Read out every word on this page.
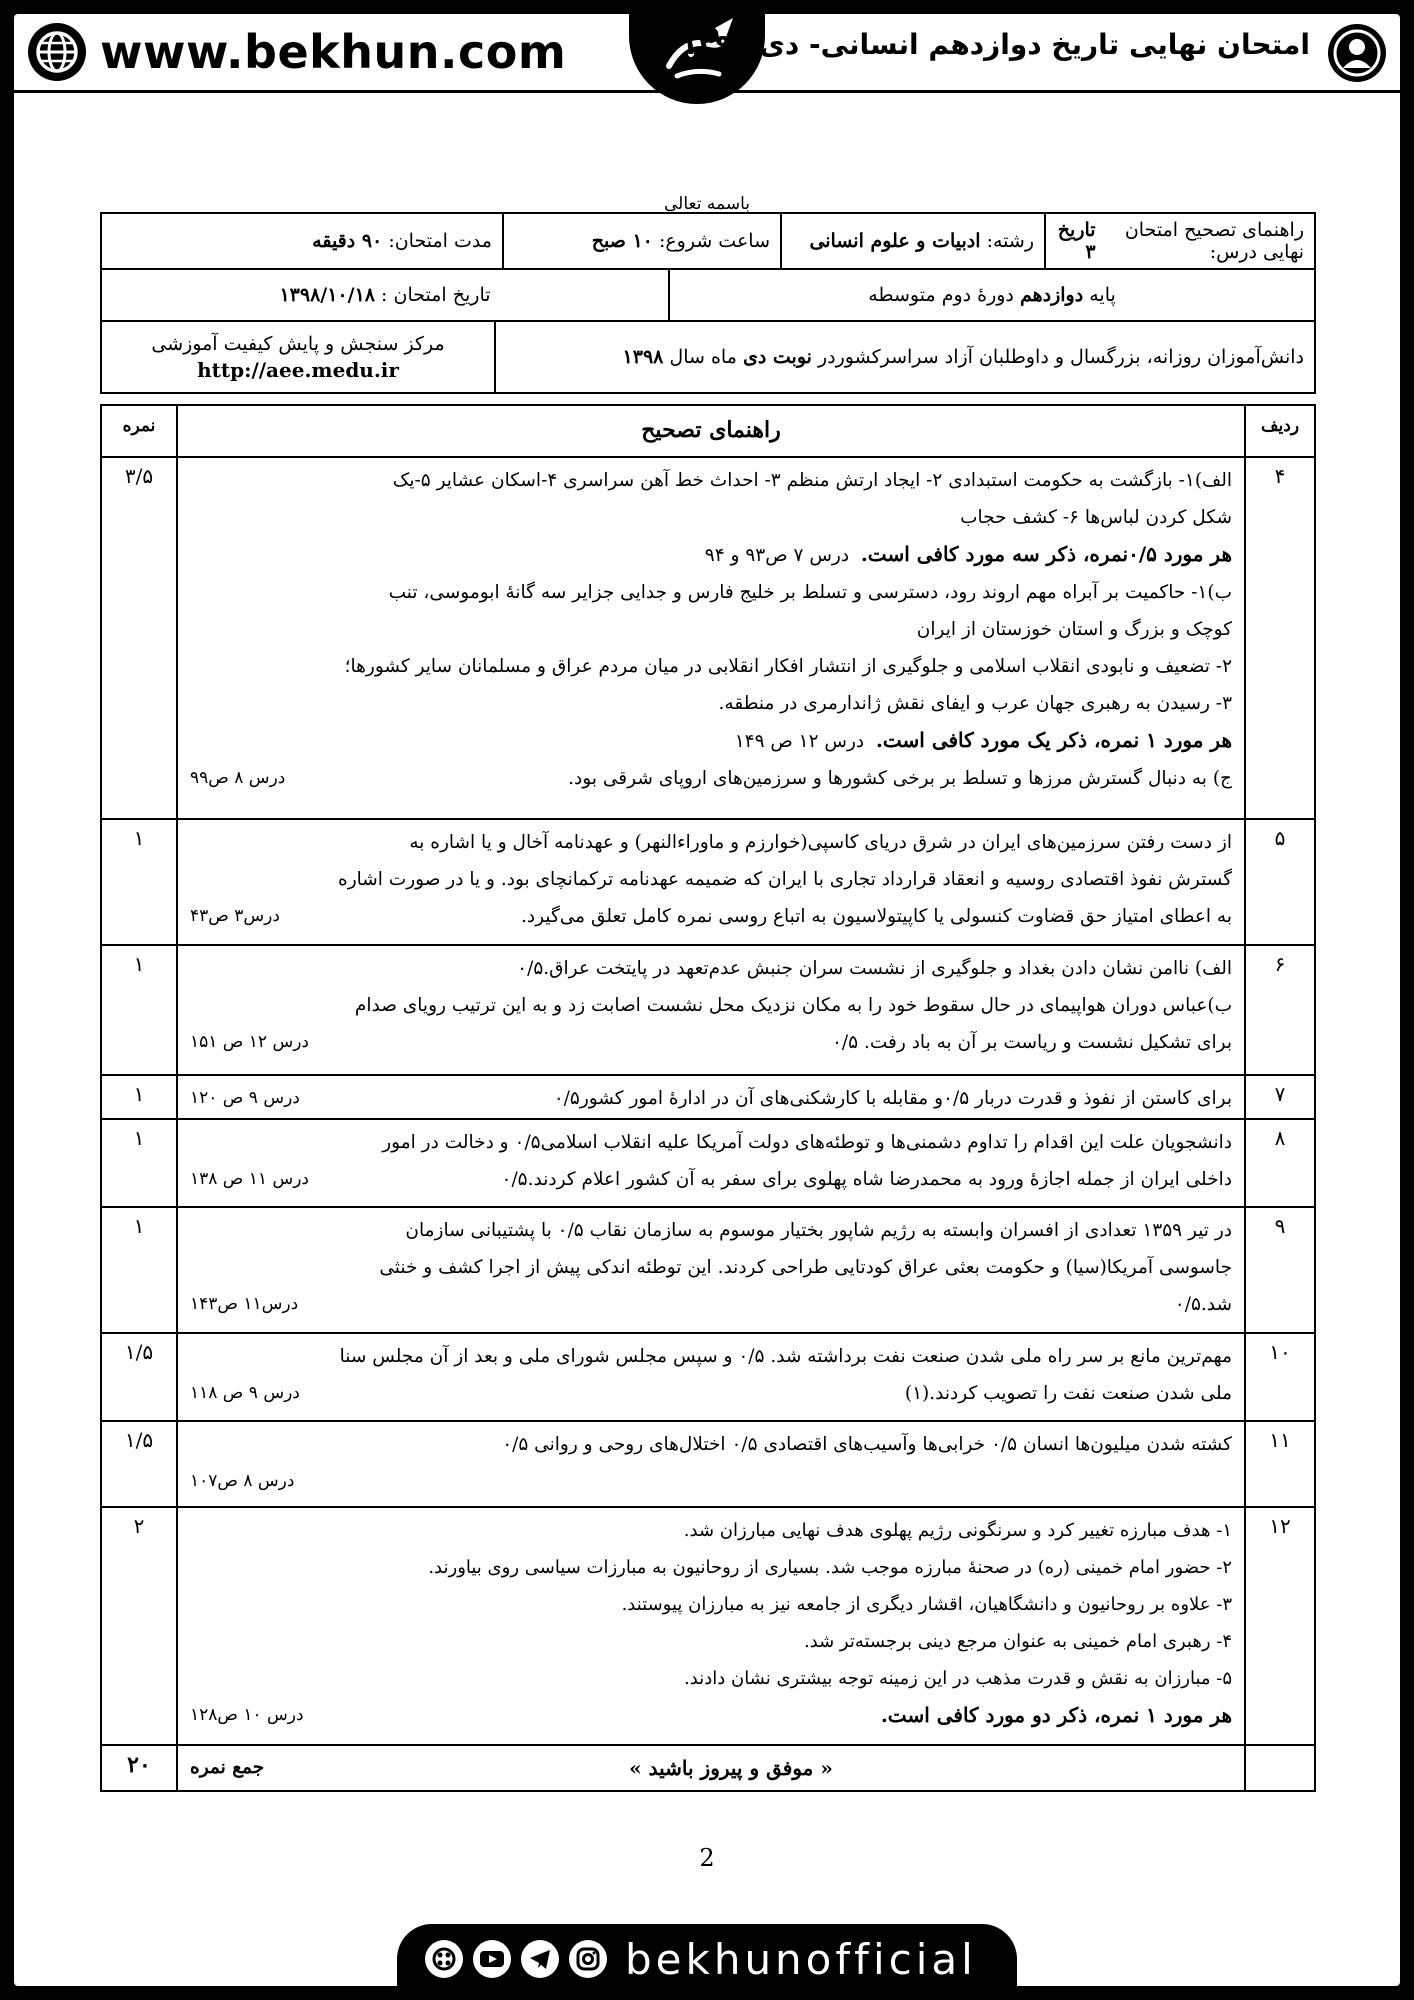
www.bekhun.com	امتحان نهایی تاریخ دوازدهم انسانی- دی ۱۳۹۸
باسمه تعالی
راهنمای تصحیح امتحان نهایی درس:

تاریخ ۳
رشته:

ادبیات و علوم انسانی
ساعت شروع:

۱۰ صبح
مدت امتحان:

۹۰ دقیقه
پایه

دوازدهم

دورۀ دوم متوسطه
تاریخ امتحان :

۱۳۹۸/۱۰/۱۸
دانش‌آموزان روزانه، بزرگسال و داوطلبان آزاد سراسرکشوردر

نوبت دی

ماه سال

۱۳۹۸
مرکز سنجش و پایش کیفیت آموزشی
http://aee.medu.ir
ردیف
راهنمای تصحیح
نمره
۴
الف)۱- بازگشت به حکومت استبدادی ۲- ایجاد ارتش منظم ۳- احداث خط آهن سراسری ۴-اسکان عشایر ۵-یک
شکل کردن لباس‌ها ۶- کشف حجاب
هر مورد ۰/۵نمره، ذکر سه مورد کافی است.  درس ۷ ص۹۳ و ۹۴
ب)۱- حاکمیت بر آبراه مهم اروند رود، دسترسی و تسلط بر خلیج فارس و جدایی جزایر سه گانۀ ابوموسی، تنب
کوچک و بزرگ و استان خوزستان از ایران
۲- تضعیف و نابودی انقلاب اسلامی و جلوگیری از انتشار افکار انقلابی در میان مردم عراق و مسلمانان سایر کشورها؛
۳- رسیدن به رهبری جهان عرب و ایفای نقش ژاندارمری در منطقه.
هر مورد ۱ نمره، ذکر یک مورد کافی است.  درس ۱۲ ص ۱۴۹
ج) به دنبال گسترش مرزها و تسلط بر برخی کشورها و سرزمین‌های اروپای شرقی بود.
درس ۸ ص۹۹
۳/۵
۵
از دست رفتن سرزمین‌های ایران در شرق دریای کاسپی(خوارزم و ماوراءالنهر) و عهدنامه آخال و یا اشاره به
گسترش نفوذ اقتصادی روسیه و انعقاد قرارداد تجاری با ایران که ضمیمه عهدنامه ترکمانچای بود. و یا در صورت اشاره
به اعطای امتیاز حق قضاوت کنسولی یا کاپیتولاسیون به اتباع روسی نمره کامل تعلق می‌گیرد.
درس۳ ص۴۳
۱
۶
الف) ناامن نشان دادن بغداد و جلوگیری از نشست سران جنبش عدم‌تعهد در پایتخت عراق.۰/۵
ب)عباس دوران هواپیمای در حال سقوط خود را به مکان نزدیک محل نشست اصابت زد و به این ترتیب رویای صدام
برای تشکیل نشست و ریاست بر آن به باد رفت. ۰/۵
درس ۱۲ ص ۱۵۱
۱
۷
برای کاستن از نفوذ و قدرت دربار ۰/۵و مقابله با کارشکنی‌های آن در ادارۀ امور کشور۰/۵
درس ۹ ص ۱۲۰
۱
۸
دانشجویان علت این اقدام را تداوم دشمنی‌ها و توطئه‌های دولت آمریکا علیه انقلاب اسلامی۰/۵ و دخالت در امور
داخلی ایران از جمله اجازۀ ورود به محمدرضا شاه پهلوی برای سفر به آن کشور اعلام کردند.۰/۵
درس ۱۱ ص ۱۳۸
۱
۹
در تیر ۱۳۵۹ تعدادی از افسران وابسته به رژیم شاپور بختیار موسوم به سازمان نقاب ۰/۵ با پشتیبانی سازمان
جاسوسی آمریکا(سیا) و حکومت بعثی عراق کودتایی طراحی کردند. این توطئه اندکی پیش از اجرا کشف و خنثی
شد.۰/۵
درس۱۱ ص۱۴۳
۱
۱۰
مهم‌ترین مانع بر سر راه ملی شدن صنعت نفت برداشته شد. ۰/۵ و سپس مجلس شورای ملی و بعد از آن مجلس سنا
ملی شدن صنعت نفت را تصویب کردند.(۱)
درس ۹ ص ۱۱۸
۱/۵
۱۱
کشته شدن میلیون‌ها انسان ۰/۵ خرابی‌ها وآسیب‌های اقتصادی ۰/۵ اختلال‌های روحی و روانی ۰/۵
درس ۸ ص۱۰۷
۱/۵
۱۲
۱- هدف مبارزه تغییر کرد و سرنگونی رژیم پهلوی هدف نهایی مبارزان شد.
۲- حضور امام خمینی (ره) در صحنۀ مبارزه موجب شد. بسیاری از روحانیون به مبارزات سیاسی روی بیاورند.
۳- علاوه بر روحانیون و دانشگاهیان، اقشار دیگری از جامعه نیز به مبارزان پیوستند.
۴- رهبری امام خمینی به عنوان مرجع دینی برجسته‌تر شد.
۵- مبارزان به نقش و قدرت مذهب در این زمینه توجه بیشتری نشان دادند.
هر مورد ۱ نمره، ذکر دو مورد کافی است.
درس ۱۰ ص۱۲۸
۲
« موفق و پیروز باشید »
جمع نمره
۲۰
2
bekhunofficial
